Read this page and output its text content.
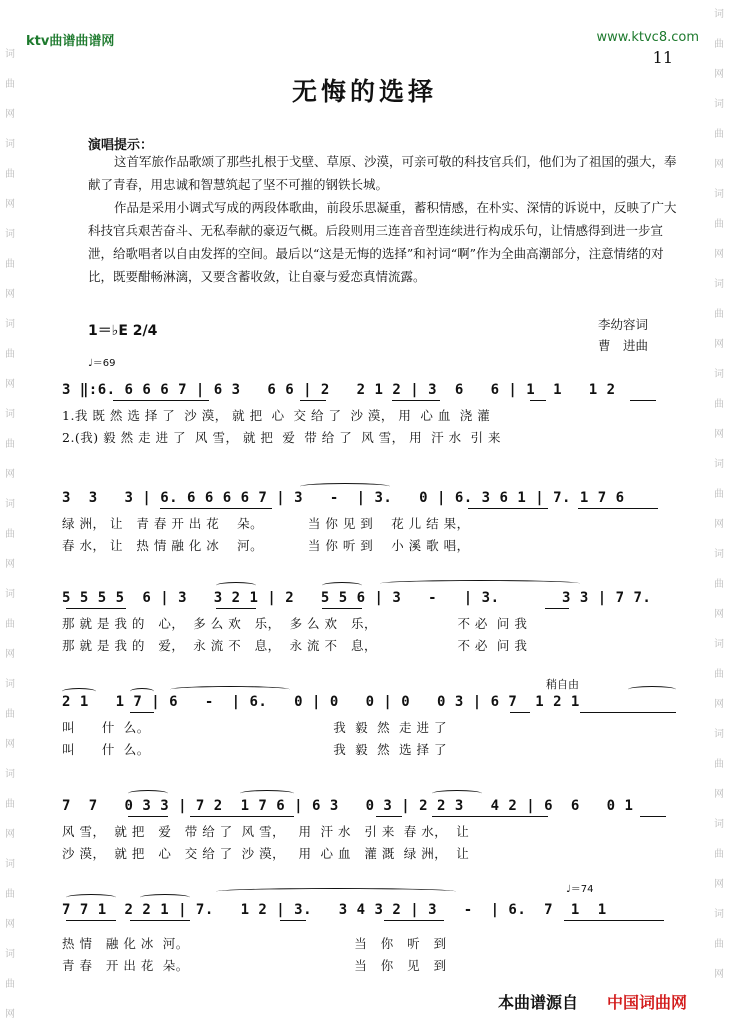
ktv曲谱曲谱网	www.ktvc8.com
11
词曲网词曲网词曲网词曲网词曲网词曲网词曲网词曲网词曲网词曲网词曲网
词曲网词曲网词曲网词曲网词曲网词曲网词曲网词曲网词曲网词曲网词曲网
无悔的选择
演唱提示：
这首军旅作品歌颂了那些扎根于戈壁、草原、沙漠，可亲可敬的科技官兵们，他们为了祖国的强大，奉献了青春，用忠诚和智慧筑起了坚不可摧的钢铁长城。
作品是采用小调式写成的两段体歌曲，前段乐思凝重，蓄积情感，在朴实、深情的诉说中，反映了广大科技官兵艰苦奋斗、无私奉献的豪迈气概。后段则用三连音音型连续进行构成乐句，让情感得到进一步宣泄，给歌唱者以自由发挥的空间。最后以“这是无悔的选择”和衬词“啊”作为全曲高潮部分，注意情绪的对比，既要酣畅淋漓，又要含蓄收敛，让自豪与爱恋真情流露。
李幼容词
曹　进曲
1＝♭E 2/4
♩＝69
3 ‖:6. 6 6 6 7 | 6 3   6 6 | 2   2 1 2 | 3  6   6 | 1  1   1 2
1.我 既 然 选 择 了  沙 漠， 就 把  心  交 给 了  沙 漠， 用  心 血  浇 灌
2.(我) 毅 然 走 进 了  风 雪， 就 把  爱  带 给 了  风 雪， 用  汗 水  引 来
3  3   3 | 6. 6 6 6 6 7 | 3   -  | 3.   0 | 6. 3 6 1 | 7. 1 7 6
绿 洲， 让   青 春 开 出 花    朵。          当 你 见 到    花 儿 结 果，
春 水， 让   热 情 融 化 冰    河。          当 你 听 到    小 溪 歌 唱，
5 5 5 5  6 | 3   3 2 1 | 2   5 5 6 | 3   -   | 3.       3 3 | 7 7.
那 就 是 我 的   心，  多 么 欢   乐，  多 么 欢   乐，                  不 必  问 我
那 就 是 我 的   爱，  永 流 不   息，  永 流 不   息，                  不 必  问 我
稍自由
2 1   1 7 | 6   -  | 6.   0 | 0   0 | 0   0 3 | 6 7  1 2 1
叫      什  么。                                         我  毅  然  走 进 了
叫      什  么。                                         我  毅  然  选 择 了
7  7   0 3 3 | 7 2  1 7 6 | 6 3   0 3 | 2 2 3   4 2 | 6  6   0 1
风 雪，  就 把   爱   带 给 了  风 雪，   用  汗 水   引 来  春 水，  让
沙 漠，  就 把   心   交 给 了  沙 漠，   用  心 血   灌 溉  绿 洲，  让
♩＝74
7 7 1  2 2 1 | 7.   1 2 | 3.   3 4 3 2 | 3   -  | 6.  7  1  1
热 情   融 化 冰  河。                                     当   你   听   到
青 春   开 出 花  朵。                                     当   你   见   到
本曲谱源自 中国词曲网
